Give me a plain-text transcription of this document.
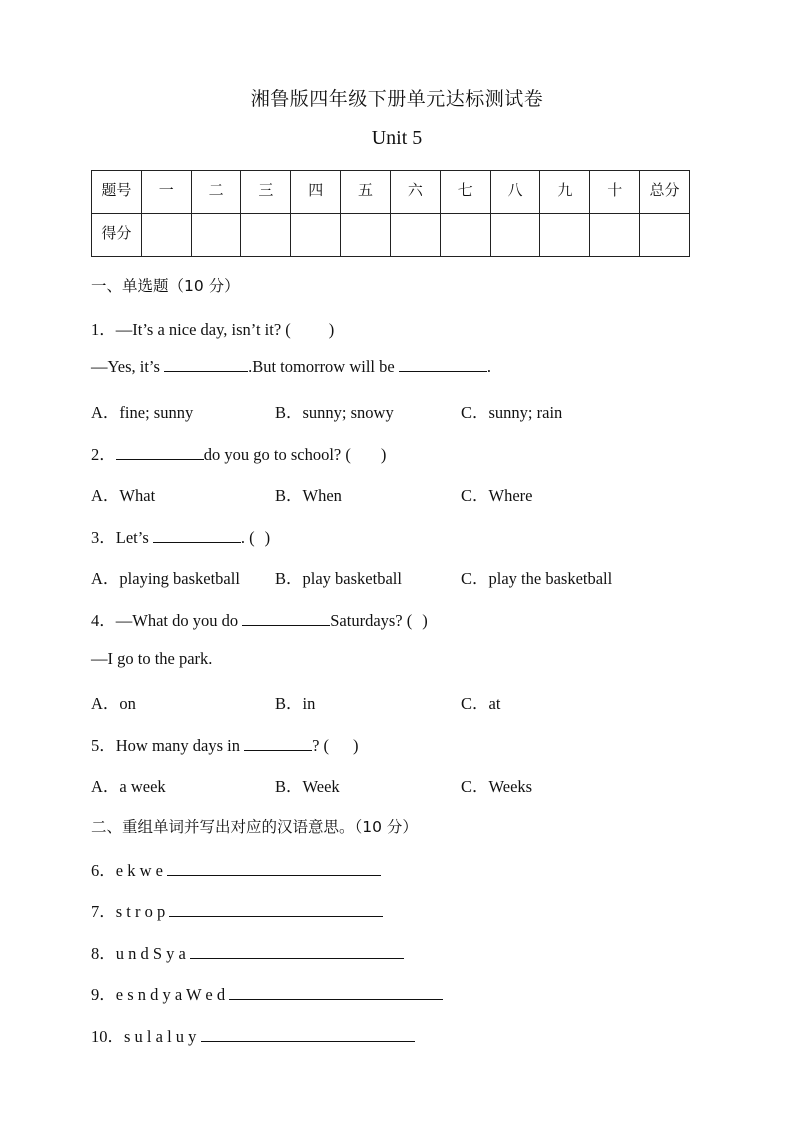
湘鲁版四年级下册单元达标测试卷
Unit 5
题号	一	二	三	四	五	六	七	八	九	十	总分
得分											
一、单选题（10 分）
1．—It’s a nice day, isn’t it? ( )
—Yes, it’s	.But tomorrow will be	.
A．fine; sunny	B．sunny; snowy	C．sunny; rain
2．	do you go to school? ( )
A．What	B．When	C．Where
3．Let’s	. ( )
A．playing basketball B．play basketball	C．play the basketball
4．—What do you do	Saturdays? ( )
—I go to the park.
A．on	B．in	C．at
5．How many days in	? ( )
A．a week	B．Week	C．Weeks
二、重组单词并写出对应的汉语意思。（10 分）
6．e k w e
7．s t r o p
8．u n d S y a
9．e s n d y a W e d
10．s u l a l u y
